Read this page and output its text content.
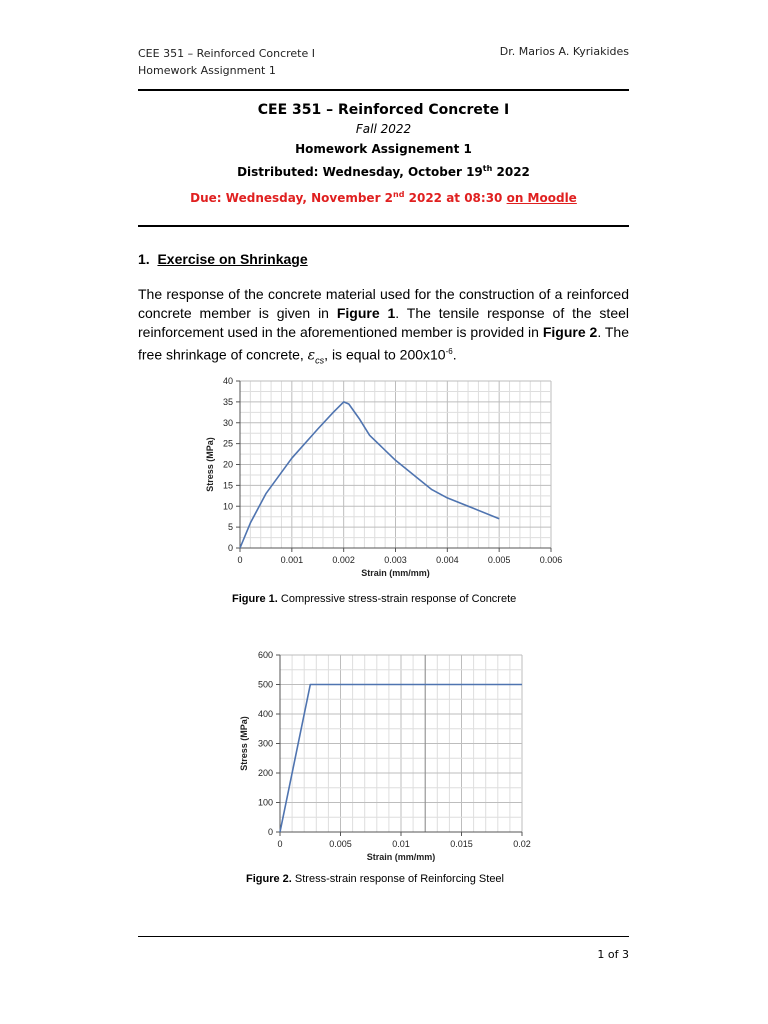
CEE 351 – Reinforced Concrete I
Homework Assignment 1
Dr. Marios A. Kyriakides
CEE 351 – Reinforced Concrete I
Fall 2022
Homework Assignement 1
Distributed: Wednesday, October 19th 2022
Due: Wednesday, November 2nd 2022 at 08:30 on Moodle
1. Exercise on Shrinkage
The response of the concrete material used for the construction of a reinforced concrete member is given in Figure 1. The tensile response of the steel reinforcement used in the aforementioned member is provided in Figure 2. The free shrinkage of concrete, $\varepsilon_{cs}$, is equal to $200x10^{-6}$.
0	0.001	0.002	0.003	0.004	0.005	0.006
0
5
10
15
20
25
30
35
40
Strain (mm/mm)
Stress (MPa)
Figure 1. Compressive stress-strain response of Concrete
0	0.005	0.01	0.015	0.02
0
100
200
300
400
500
600
Strain (mm/mm)
Stress (MPa)
Figure 2. Stress-strain response of Reinforcing Steel
1 of 3
